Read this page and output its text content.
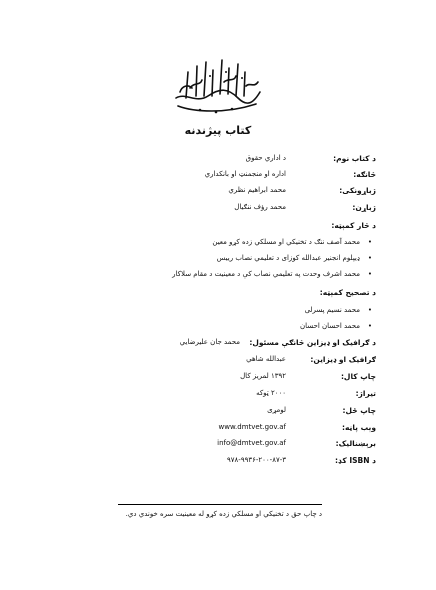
کتاب پیژندنه
د کتاب نوم:
د اداري حقوق
څانګه:
اداره او منجمنټ او بانکداري
ژباړونکی:
محمد ابراهیم نظري
ژباړن:
محمد رؤف ننګیال
د څار کمېټه:
• محمد آصف ننګ د تخنیکي او مسلکي زده کړو معین
• ډیپلوم انجنیر عبدالله کوزای د تعلیمي نصاب رییس
• محمد اشرف وحدت په تعلیمي نصاب کې د معینیت د مقام سلاکار
د تصحیح کمېټه:
• محمد نسیم پسرلی
• محمد احسان احسان
د ګرافیک او ډیزاین څانګې مسئول:
محمد جان علیرضایي
ګرافیک او ډیزاین:
عبدالله شاهي
چاپ کال:
۱۳۹۲ لمریز کال
تیراژ:
۲۰۰۰ ټوکه
چاپ ځل:
لومړی
وېب پاڼه:
www.dmtvet.gov.af
برېښنالیک:
info@dmtvet.gov.af
د ISBN کډ:
۹۷۸-۹۹۳۶-۲۰۰-۸۷-۳
د چاپ حق د تخنیکي او مسلکي زده کړو له معینیت سره خوندي دي.
